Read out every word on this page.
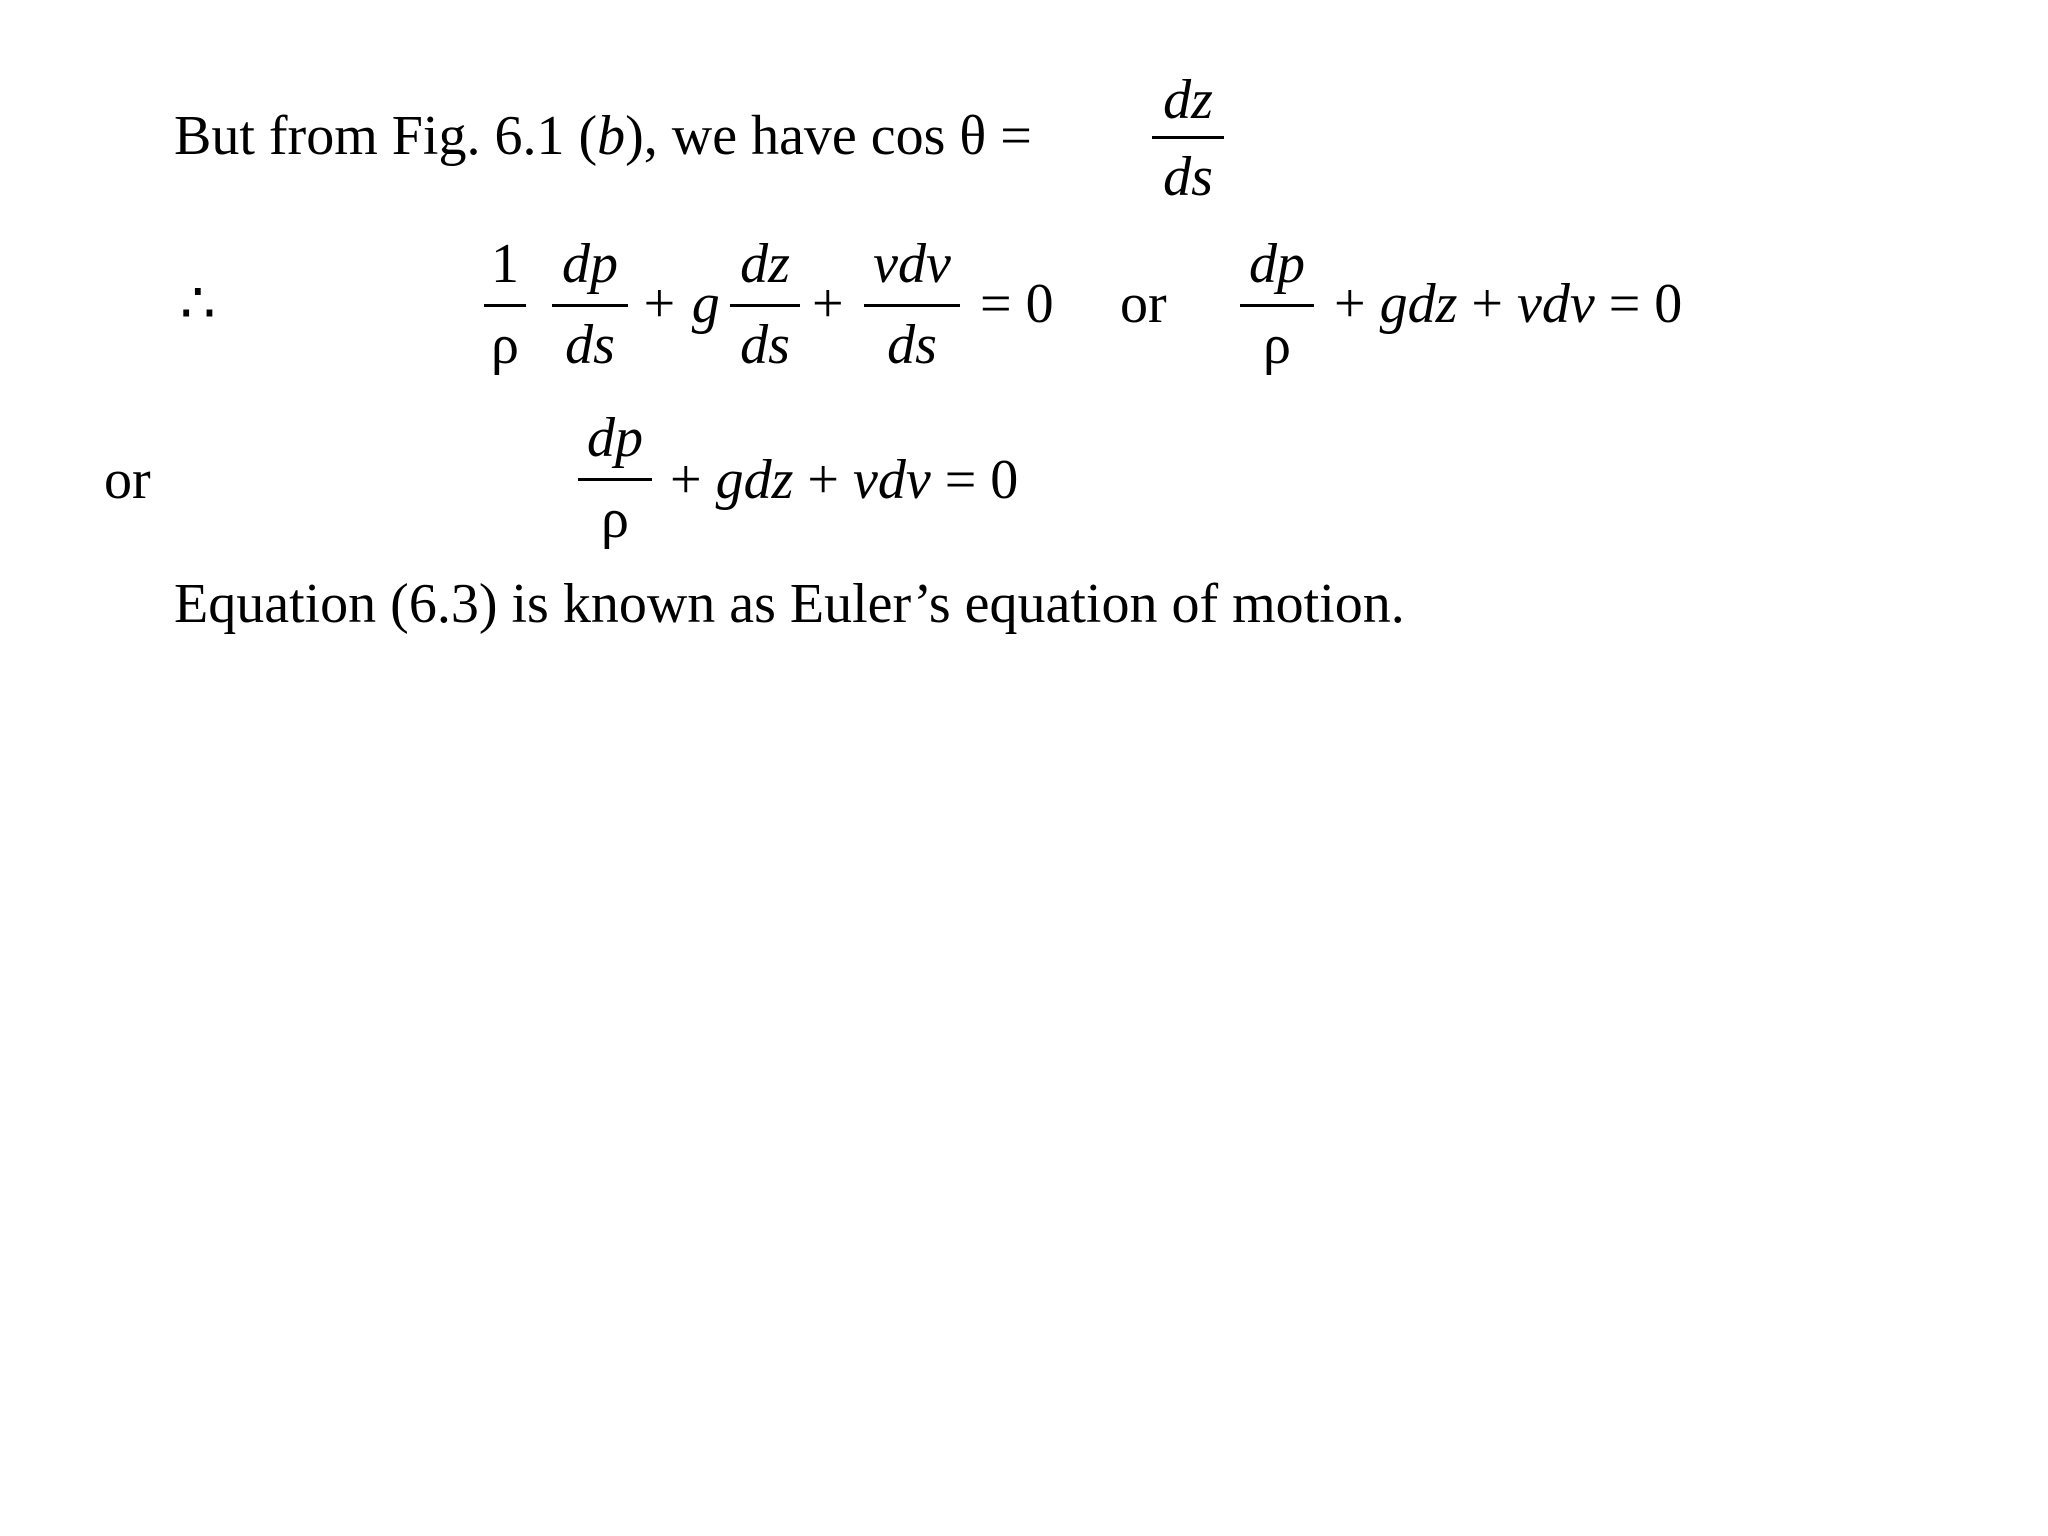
But from Fig. 6.1 (b), we have cos θ =
dz
ds
∴
1
ρ
dp
ds
+ g
dz
ds
+
vdv
ds
= 0 or
dp
ρ
+ gdz + vdv = 0
or
dp
ρ
+ gdz + vdv = 0
Equation (6.3) is known as Euler’s equation of motion.
